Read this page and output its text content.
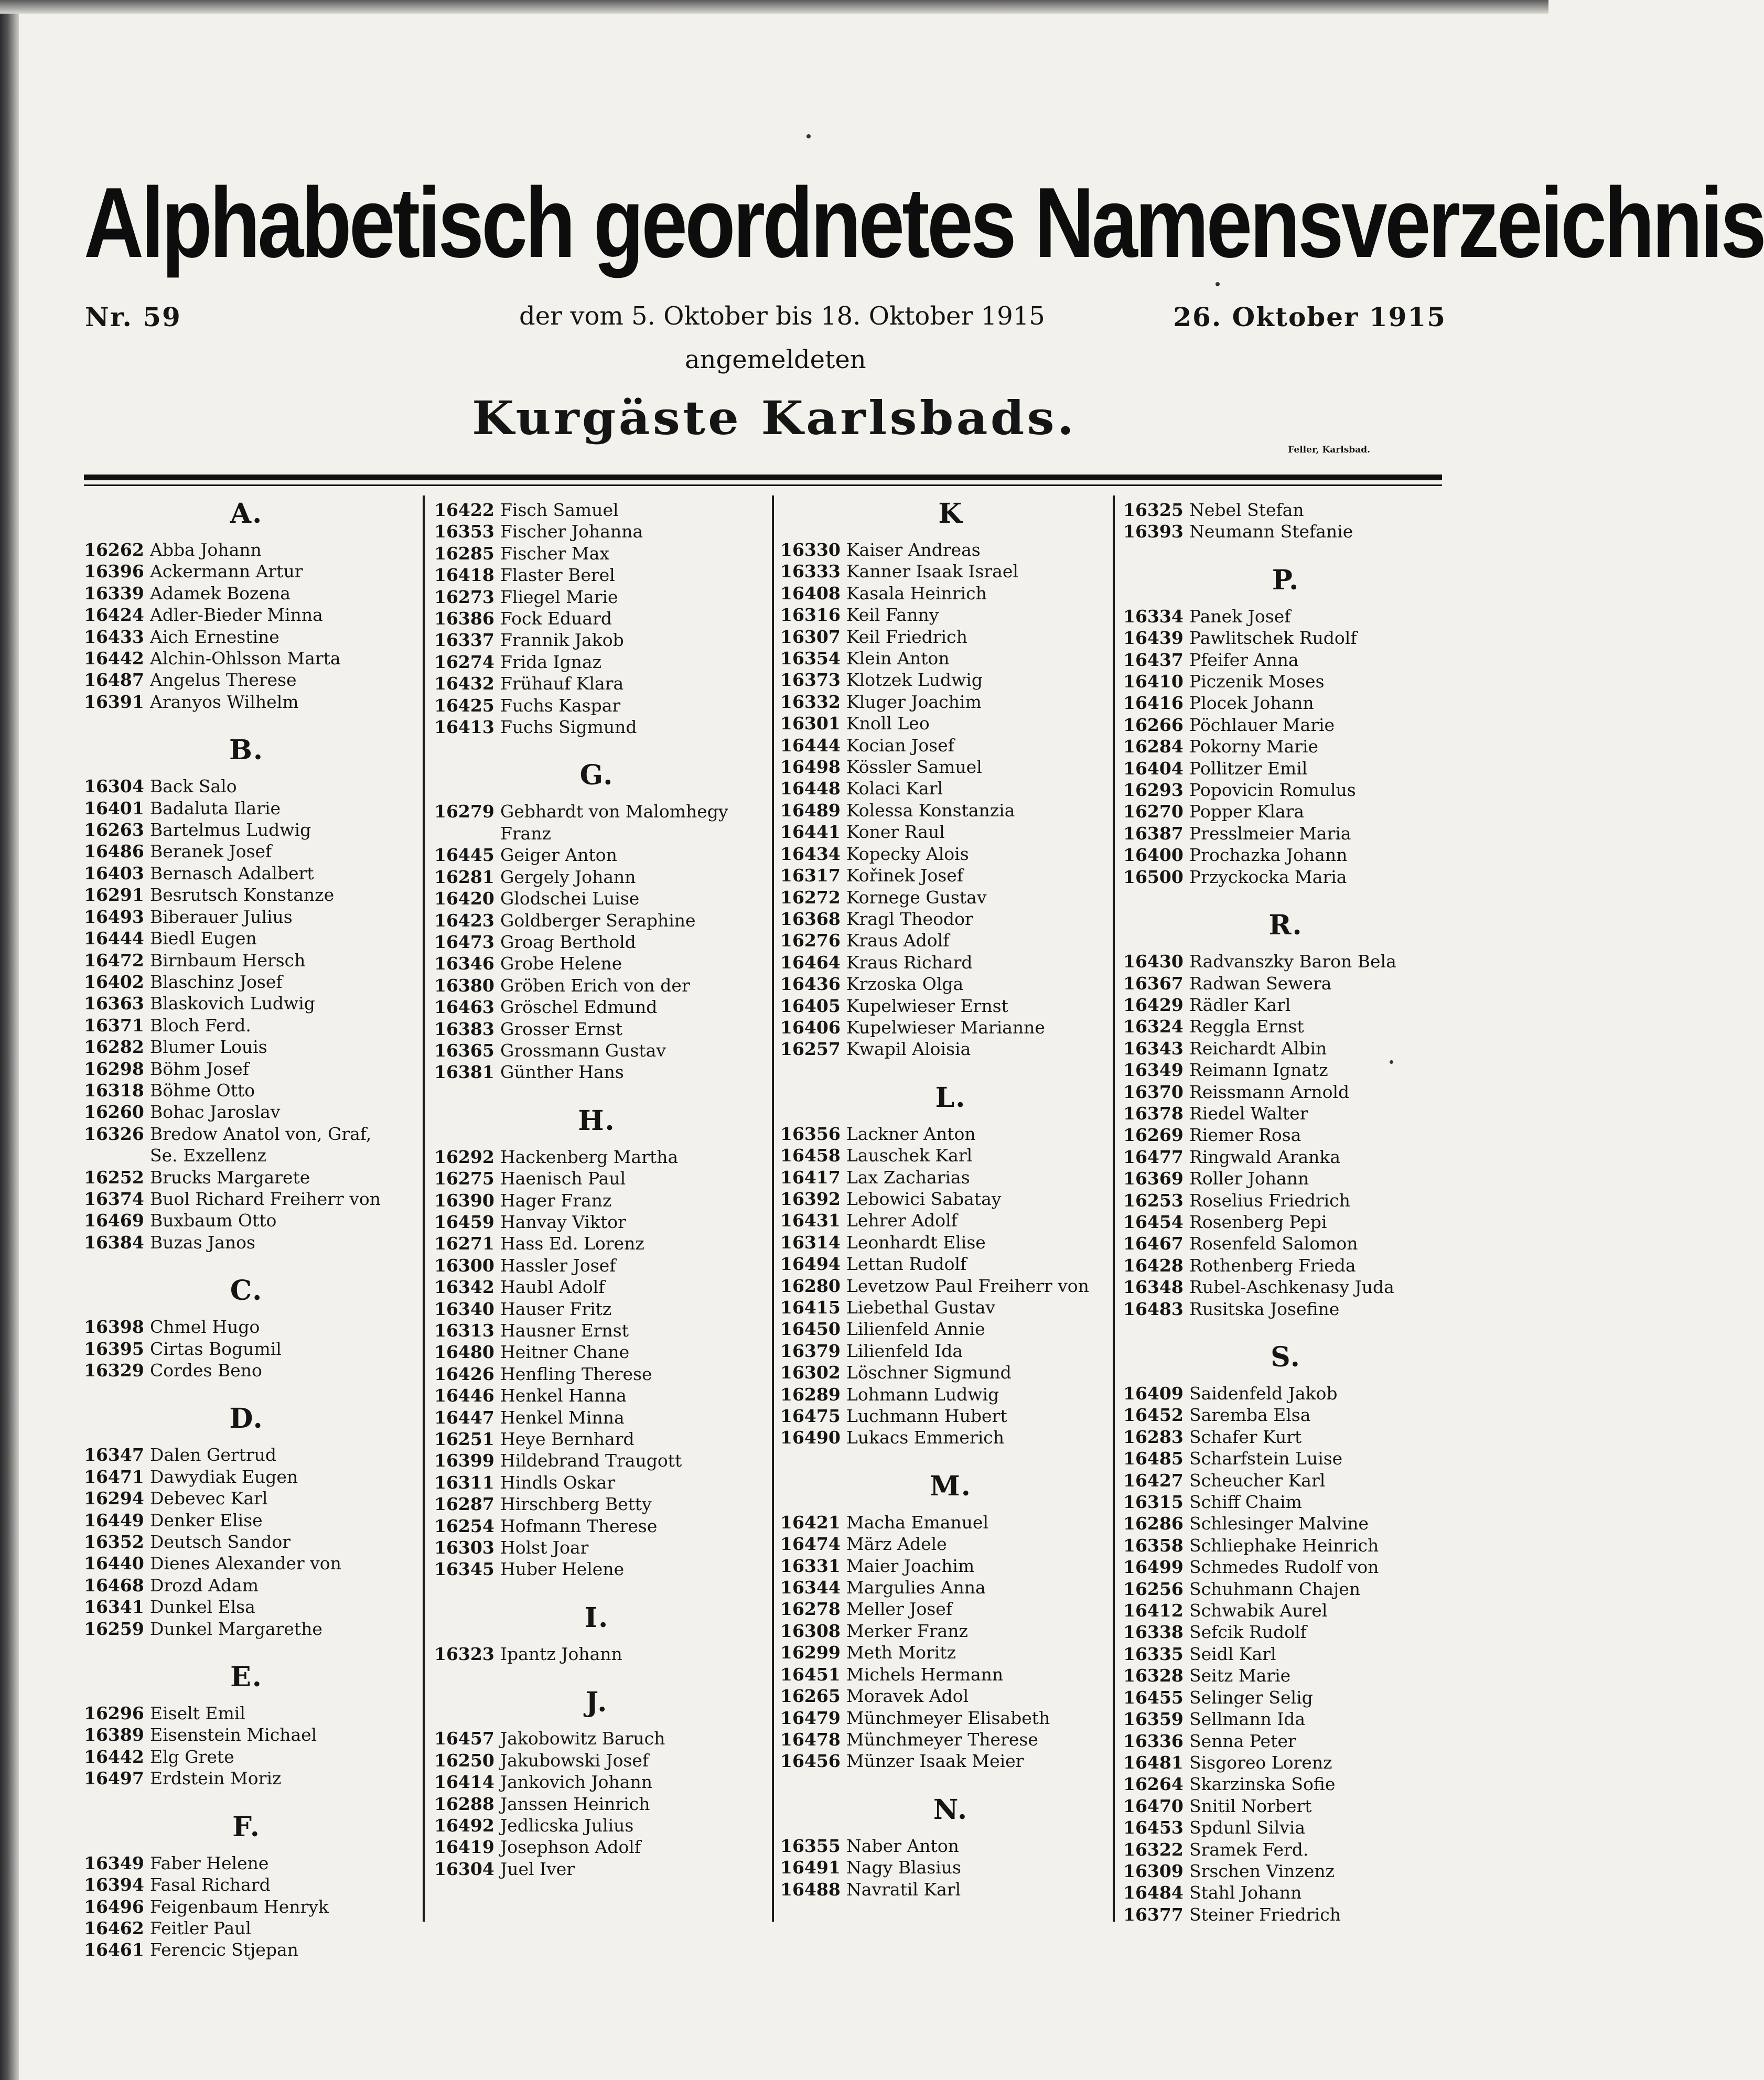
Alphabetisch geordnetes Namensverzeichnis
Nr. 59	der vom 5. Oktober bis 18. Oktober 1915	26. Oktober 1915
angemeldeten
Kurgäste Karlsbads.
Feller, Karlsbad.
A.
16262 Abba Johann
16396 Ackermann Artur
16339 Adamek Bozena
16424 Adler-Bieder Minna
16433 Aich Ernestine
16442 Alchin-Ohlsson Marta
16487 Angelus Therese
16391 Aranyos Wilhelm
B.
16304 Back Salo
16401 Badaluta Ilarie
16263 Bartelmus Ludwig
16486 Beranek Josef
16403 Bernasch Adalbert
16291 Besrutsch Konstanze
16493 Biberauer Julius
16444 Biedl Eugen
16472 Birnbaum Hersch
16402 Blaschinz Josef
16363 Blaskovich Ludwig
16371 Bloch Ferd.
16282 Blumer Louis
16298 Böhm Josef
16318 Böhme Otto
16260 Bohac Jaroslav
16326 Bredow Anatol von, Graf,
Se. Exzellenz
16252 Brucks Margarete
16374 Buol Richard Freiherr von
16469 Buxbaum Otto
16384 Buzas Janos
C.
16398 Chmel Hugo
16395 Cirtas Bogumil
16329 Cordes Beno
D.
16347 Dalen Gertrud
16471 Dawydiak Eugen
16294 Debevec Karl
16449 Denker Elise
16352 Deutsch Sandor
16440 Dienes Alexander von
16468 Drozd Adam
16341 Dunkel Elsa
16259 Dunkel Margarethe
E.
16296 Eiselt Emil
16389 Eisenstein Michael
16442 Elg Grete
16497 Erdstein Moriz
F.
16349 Faber Helene
16394 Fasal Richard
16496 Feigenbaum Henryk
16462 Feitler Paul
16461 Ferencic Stjepan
16422 Fisch Samuel
16353 Fischer Johanna
16285 Fischer Max
16418 Flaster Berel
16273 Fliegel Marie
16386 Fock Eduard
16337 Frannik Jakob
16274 Frida Ignaz
16432 Frühauf Klara
16425 Fuchs Kaspar
16413 Fuchs Sigmund
G.
16279 Gebhardt von Malomhegy
Franz
16445 Geiger Anton
16281 Gergely Johann
16420 Glodschei Luise
16423 Goldberger Seraphine
16473 Groag Berthold
16346 Grobe Helene
16380 Gröben Erich von der
16463 Gröschel Edmund
16383 Grosser Ernst
16365 Grossmann Gustav
16381 Günther Hans
H.
16292 Hackenberg Martha
16275 Haenisch Paul
16390 Hager Franz
16459 Hanvay Viktor
16271 Hass Ed. Lorenz
16300 Hassler Josef
16342 Haubl Adolf
16340 Hauser Fritz
16313 Hausner Ernst
16480 Heitner Chane
16426 Henfling Therese
16446 Henkel Hanna
16447 Henkel Minna
16251 Heye Bernhard
16399 Hildebrand Traugott
16311 Hindls Oskar
16287 Hirschberg Betty
16254 Hofmann Therese
16303 Holst Joar
16345 Huber Helene
I.
16323 Ipantz Johann
J.
16457 Jakobowitz Baruch
16250 Jakubowski Josef
16414 Jankovich Johann
16288 Janssen Heinrich
16492 Jedlicska Julius
16419 Josephson Adolf
16304 Juel Iver
K
16330 Kaiser Andreas
16333 Kanner Isaak Israel
16408 Kasala Heinrich
16316 Keil Fanny
16307 Keil Friedrich
16354 Klein Anton
16373 Klotzek Ludwig
16332 Kluger Joachim
16301 Knoll Leo
16444 Kocian Josef
16498 Kössler Samuel
16448 Kolaci Karl
16489 Kolessa Konstanzia
16441 Koner Raul
16434 Kopecky Alois
16317 Kořinek Josef
16272 Kornege Gustav
16368 Kragl Theodor
16276 Kraus Adolf
16464 Kraus Richard
16436 Krzoska Olga
16405 Kupelwieser Ernst
16406 Kupelwieser Marianne
16257 Kwapil Aloisia
L.
16356 Lackner Anton
16458 Lauschek Karl
16417 Lax Zacharias
16392 Lebowici Sabatay
16431 Lehrer Adolf
16314 Leonhardt Elise
16494 Lettan Rudolf
16280 Levetzow Paul Freiherr von
16415 Liebethal Gustav
16450 Lilienfeld Annie
16379 Lilienfeld Ida
16302 Löschner Sigmund
16289 Lohmann Ludwig
16475 Luchmann Hubert
16490 Lukacs Emmerich
M.
16421 Macha Emanuel
16474 März Adele
16331 Maier Joachim
16344 Margulies Anna
16278 Meller Josef
16308 Merker Franz
16299 Meth Moritz
16451 Michels Hermann
16265 Moravek Adol
16479 Münchmeyer Elisabeth
16478 Münchmeyer Therese
16456 Münzer Isaak Meier
N.
16355 Naber Anton
16491 Nagy Blasius
16488 Navratil Karl
16325 Nebel Stefan
16393 Neumann Stefanie
P.
16334 Panek Josef
16439 Pawlitschek Rudolf
16437 Pfeifer Anna
16410 Piczenik Moses
16416 Plocek Johann
16266 Pöchlauer Marie
16284 Pokorny Marie
16404 Pollitzer Emil
16293 Popovicin Romulus
16270 Popper Klara
16387 Presslmeier Maria
16400 Prochazka Johann
16500 Przyckocka Maria
R.
16430 Radvanszky Baron Bela
16367 Radwan Sewera
16429 Rädler Karl
16324 Reggla Ernst
16343 Reichardt Albin
16349 Reimann Ignatz
16370 Reissmann Arnold
16378 Riedel Walter
16269 Riemer Rosa
16477 Ringwald Aranka
16369 Roller Johann
16253 Roselius Friedrich
16454 Rosenberg Pepi
16467 Rosenfeld Salomon
16428 Rothenberg Frieda
16348 Rubel-Aschkenasy Juda
16483 Rusitska Josefine
S.
16409 Saidenfeld Jakob
16452 Saremba Elsa
16283 Schafer Kurt
16485 Scharfstein Luise
16427 Scheucher Karl
16315 Schiff Chaim
16286 Schlesinger Malvine
16358 Schliephake Heinrich
16499 Schmedes Rudolf von
16256 Schuhmann Chajen
16412 Schwabik Aurel
16338 Sefcik Rudolf
16335 Seidl Karl
16328 Seitz Marie
16455 Selinger Selig
16359 Sellmann Ida
16336 Senna Peter
16481 Sisgoreo Lorenz
16264 Skarzinska Sofie
16470 Snitil Norbert
16453 Spdunl Silvia
16322 Sramek Ferd.
16309 Srschen Vinzenz
16484 Stahl Johann
16377 Steiner Friedrich
